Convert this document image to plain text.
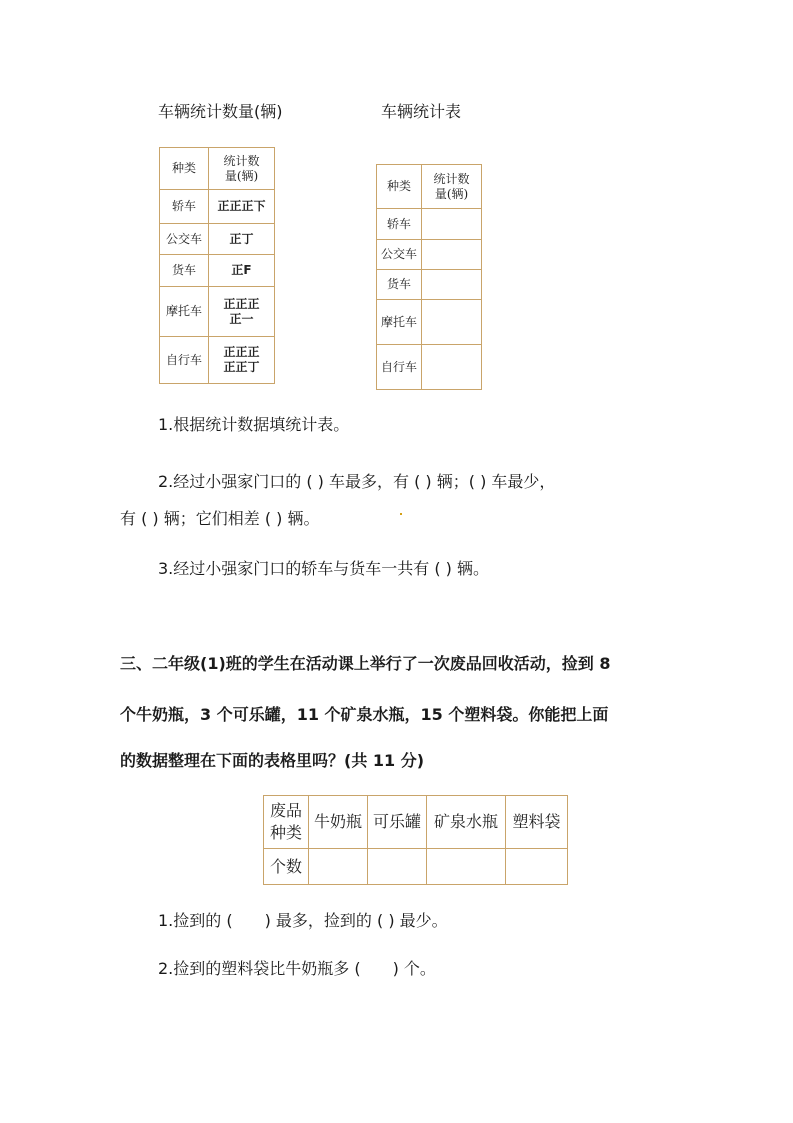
车辆统计数量(辆)	车辆统计表
种类	统计数
量(辆)

轿车	正正正下
公交车	正丁
货车	正F
摩托车	正正正
正一

自行车	正正正
正正丁
种类	统计数
量(辆)

轿车	
公交车	
货车	
摩托车	
自行车	
1.根据统计数据填统计表。
2.经过小强家门口的 ( ) 车最多，有 ( ) 辆；( ) 车最少，
有 ( ) 辆；它们相差 ( ) 辆。
3.经过小强家门口的轿车与货车一共有 ( ) 辆。
三、二年级(1)班的学生在活动课上举行了一次废品回收活动，捡到 8
个牛奶瓶，3 个可乐罐，11 个矿泉水瓶，15 个塑料袋。你能把上面
的数据整理在下面的表格里吗？(共 11 分)
废品
种类	牛奶瓶	可乐罐	矿泉水瓶	塑料袋
个数				
1.捡到的 (　　) 最多，捡到的 ( ) 最少。
2.捡到的塑料袋比牛奶瓶多 (　　) 个。
